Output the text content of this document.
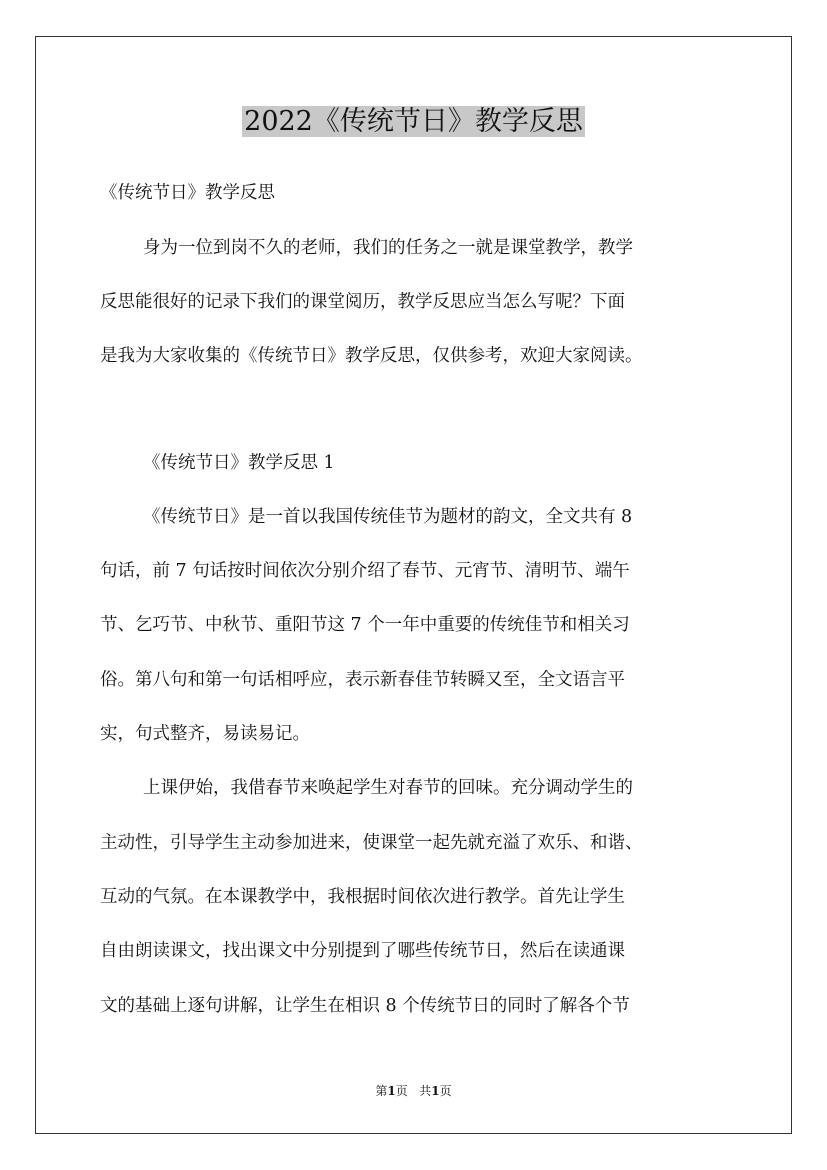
2022《传统节日》教学反思
《传统节日》教学反思
身为一位到岗不久的老师，我们的任务之一就是课堂教学，教学
反思能很好的记录下我们的课堂阅历，教学反思应当怎么写呢？下面
是我为大家收集的《传统节日》教学反思，仅供参考，欢迎大家阅读。
《传统节日》教学反思 1
《传统节日》是一首以我国传统佳节为题材的韵文，全文共有 8
句话，前 7 句话按时间依次分别介绍了春节、元宵节、清明节、端午
节、乞巧节、中秋节、重阳节这 7 个一年中重要的传统佳节和相关习
俗。第八句和第一句话相呼应，表示新春佳节转瞬又至，全文语言平
实，句式整齐，易读易记。
上课伊始，我借春节来唤起学生对春节的回味。充分调动学生的
主动性，引导学生主动参加进来，使课堂一起先就充溢了欢乐、和谐、
互动的气氛。在本课教学中，我根据时间依次进行教学。首先让学生
自由朗读课文，找出课文中分别提到了哪些传统节日，然后在读通课
文的基础上逐句讲解，让学生在相识 8 个传统节日的同时了解各个节
第1页 共1页
